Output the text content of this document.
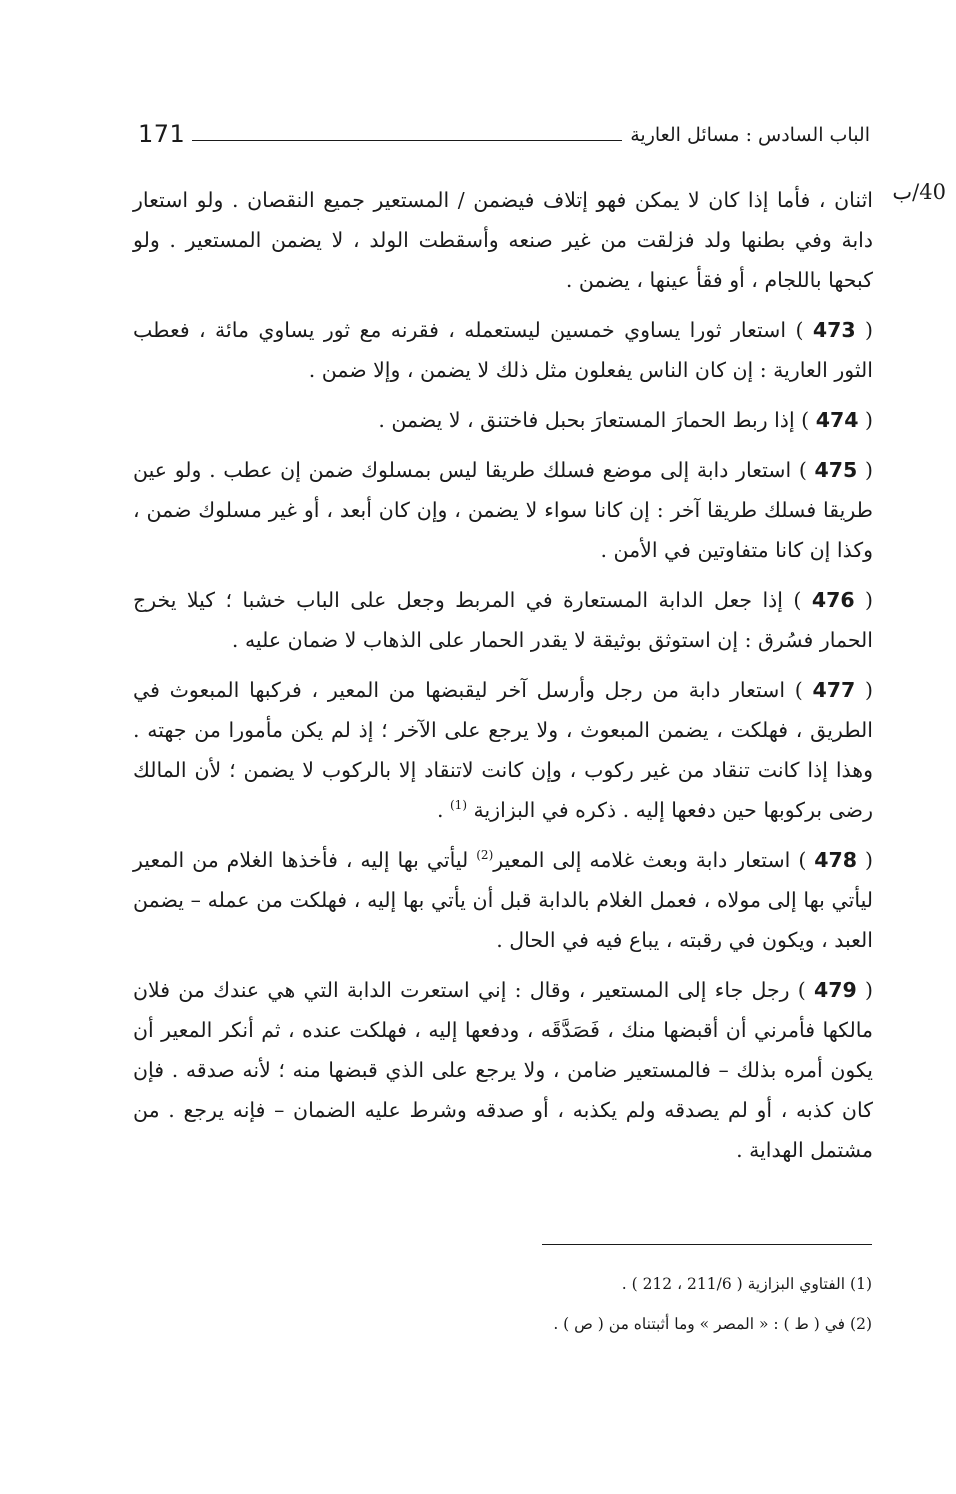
171	الباب السادس : مسائل العارية
40/ب

اثنان ، فأما إذا كان لا يمكن فهو إتلاف فيضمن / المستعير جميع النقصان . ولو استعار دابة وفي بطنها ولد فزلقت من غير صنعه وأسقطت الولد ، لا يضمن المستعير . ولو كبحها باللجام ، أو فقأ عينها ، يضمن .

( 473 ) استعار ثورا يساوي خمسين ليستعمله ، فقرنه مع ثور يساوي مائة ، فعطب الثور العارية : إن كان الناس يفعلون مثل ذلك لا يضمن ، وإلا ضمن .

( 474 ) إذا ربط الحمارَ المستعارَ بحبل فاختنق ، لا يضمن .

( 475 ) استعار دابة إلى موضع فسلك طريقا ليس بمسلوك ضمن إن عطب . ولو عين طريقا فسلك طريقا آخر : إن كانا سواء لا يضمن ، وإن كان أبعد ، أو غير مسلوك ضمن ، وكذا إن كانا متفاوتين في الأمن .

( 476 ) إذا جعل الدابة المستعارة في المربط وجعل على الباب خشبا ؛ كيلا يخرج الحمار فسُرق : إن استوثق بوثيقة لا يقدر الحمار على الذهاب لا ضمان عليه .

( 477 ) استعار دابة من رجل وأرسل آخر ليقبضها من المعير ، فركبها المبعوث في الطريق ، فهلكت ، يضمن المبعوث ، ولا يرجع على الآخر ؛ إذ لم يكن مأمورا من جهته . وهذا إذا كانت تنقاد من غير ركوب ، وإن كانت لاتنقاد إلا بالركوب لا يضمن ؛ لأن المالك رضى بركوبها حين دفعها إليه . ذكره في البزازية $^{(1)}$ .

( 478 ) استعار دابة وبعث غلامه إلى المعير$^{(2)}$ ليأتي بها إليه ، فأخذها الغلام من المعير ليأتي بها إلى مولاه ، فعمل الغلام بالدابة قبل أن يأتي بها إليه ، فهلكت من عمله – يضمن العبد ، ويكون في رقبته ، يباع فيه في الحال .

( 479 ) رجل جاء إلى المستعير ، وقال : إني استعرت الدابة التي هي عندك من فلان مالكها فأمرني أن أقبضها منك ، فَصَدَّقَه ، ودفعها إليه ، فهلكت عنده ، ثم أنكر المعير أن يكون أمره بذلك – فالمستعير ضامن ، ولا يرجع على الذي قبضها منه ؛ لأنه صدقه . فإن كان كذبه ، أو لم يصدقه ولم يكذبه ، أو صدقه وشرط عليه الضمان – فإنه يرجع . من مشتمل الهداية .

(1) الفتاوي البزازية ( 211/6 ، 212 ) .

(2) في ( ط ) : « المصر » وما أثبتناه من ( ص ) .
